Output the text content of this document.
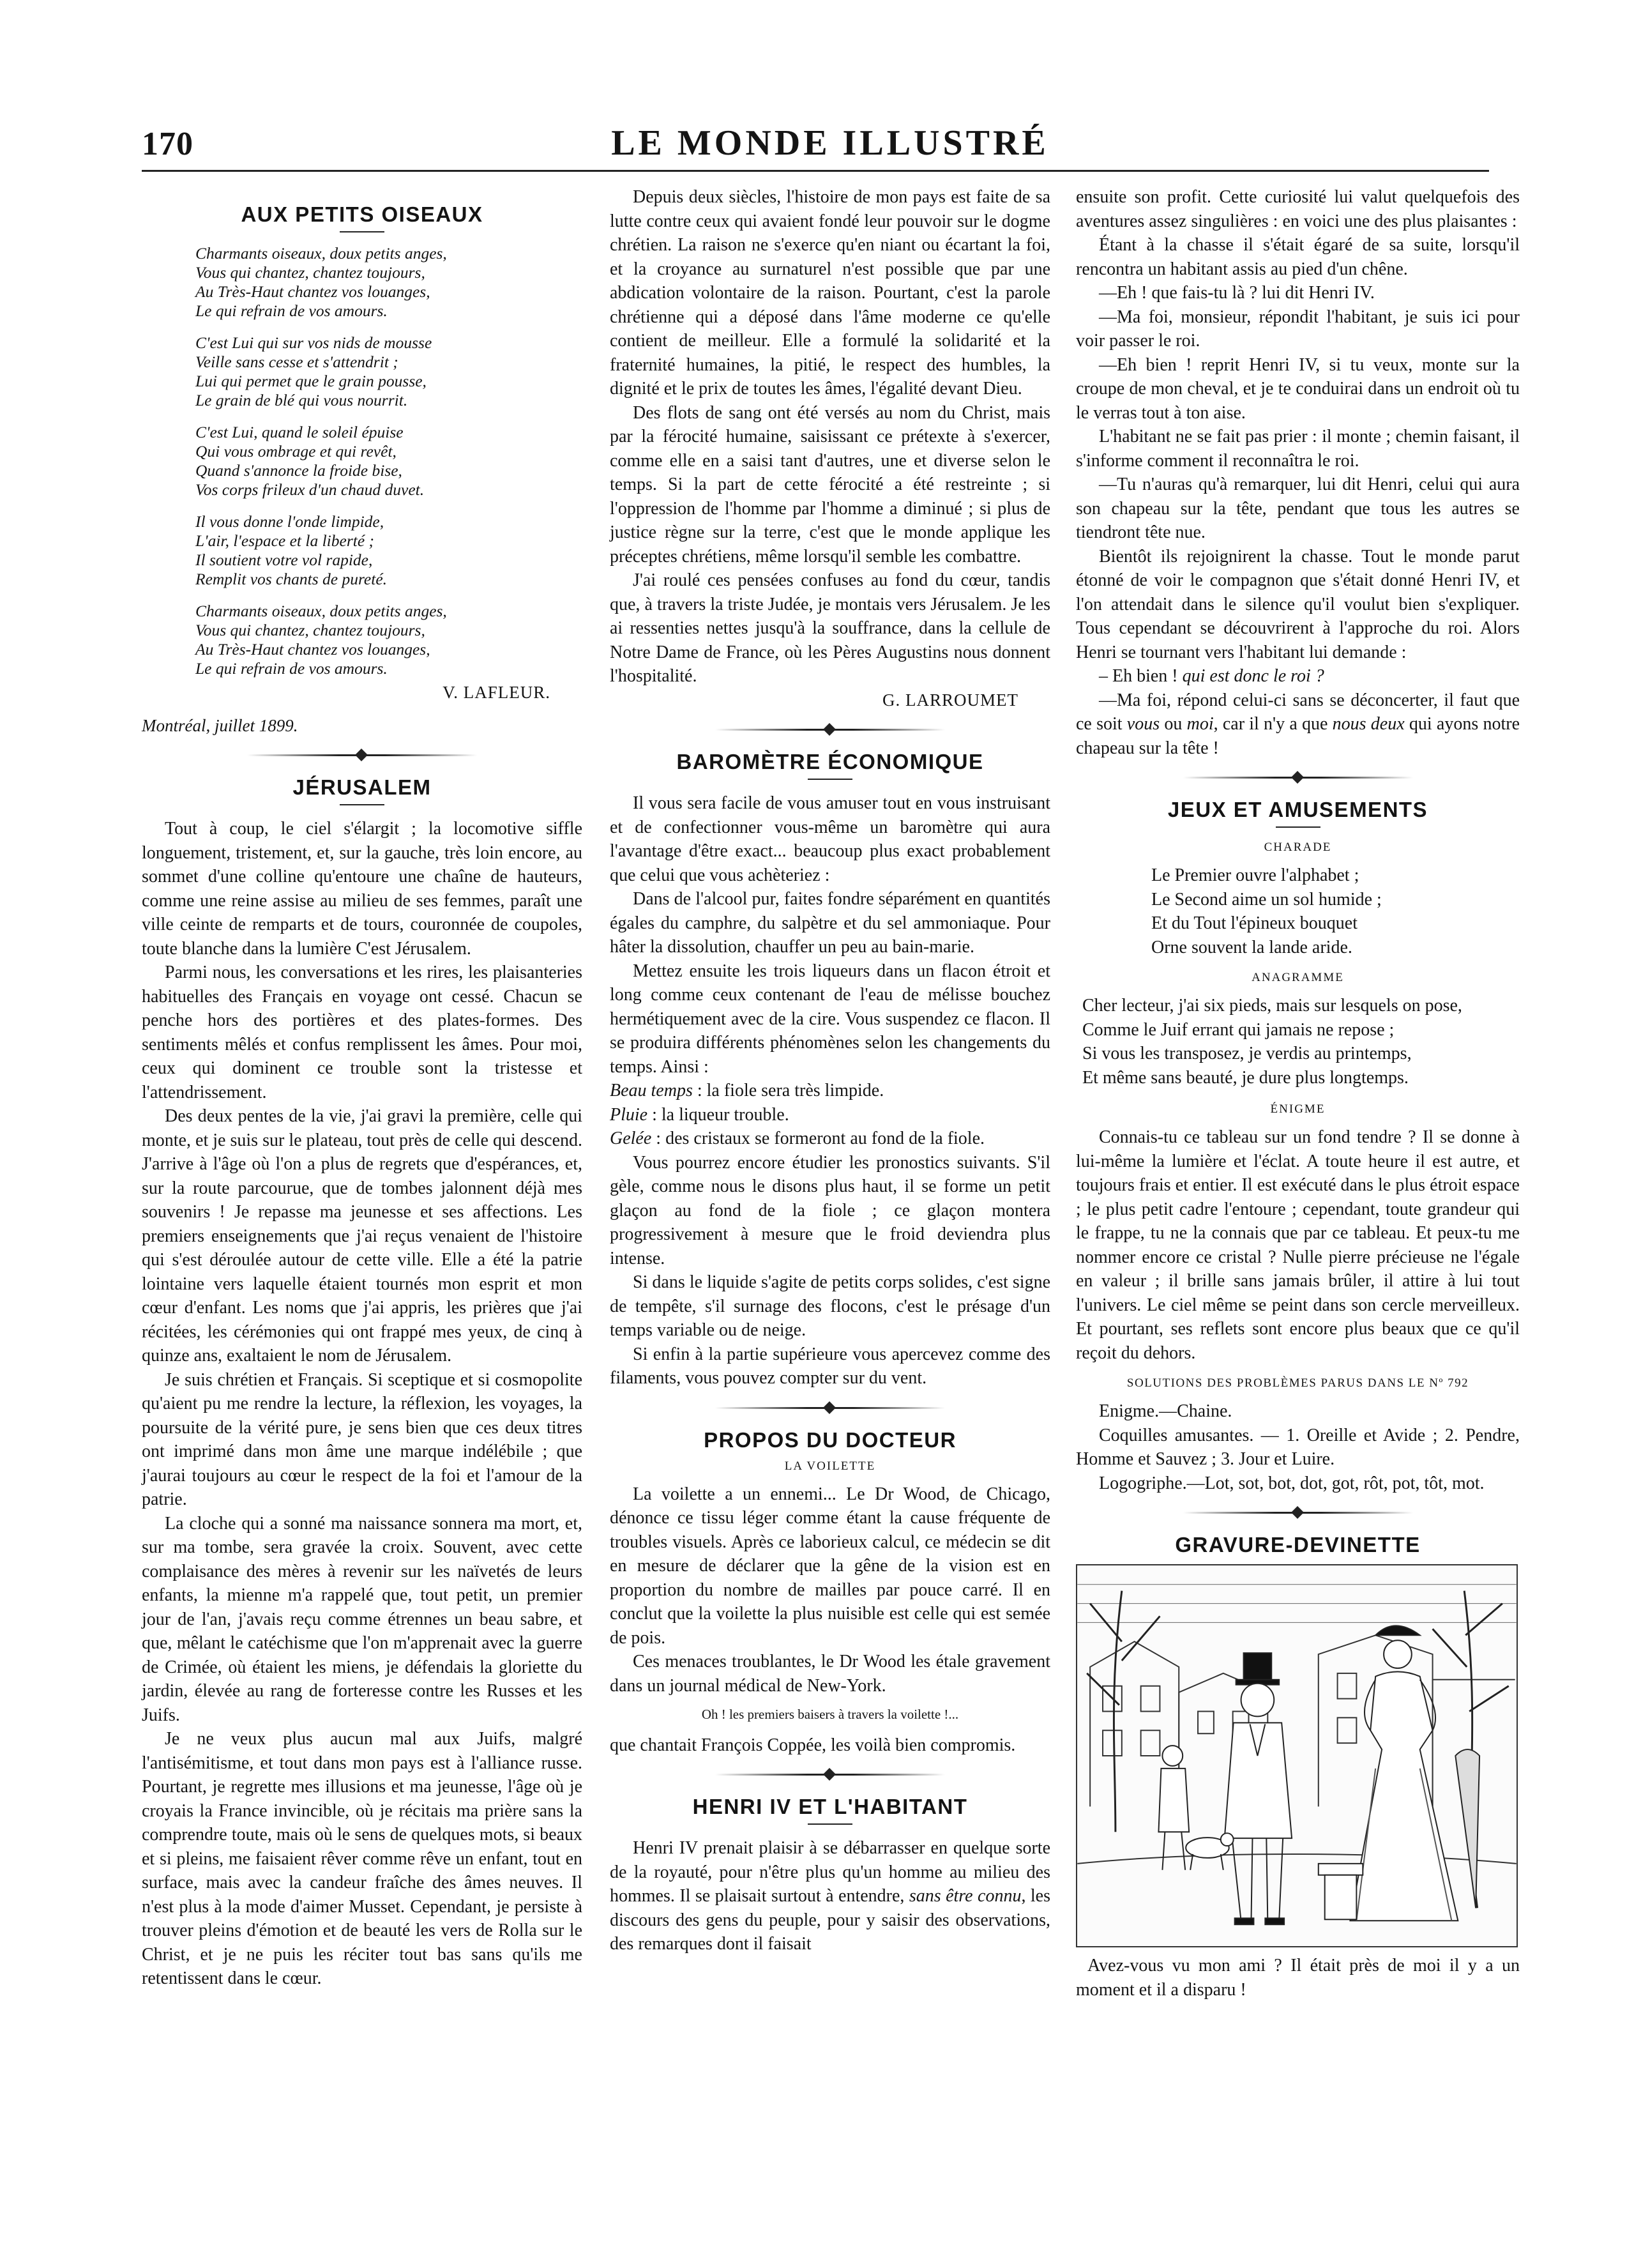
170	LE MONDE ILLUSTRÉ
AUX PETITS OISEAUX
Charmants oiseaux, doux petits anges,
Vous qui chantez, chantez toujours,
Au Très-Haut chantez vos louanges,
Le qui refrain de vos amours.
C'est Lui qui sur vos nids de mousse
Veille sans cesse et s'attendrit ;
Lui qui permet que le grain pousse,
Le grain de blé qui vous nourrit.
C'est Lui, quand le soleil épuise
Qui vous ombrage et qui revêt,
Quand s'annonce la froide bise,
Vos corps frileux d'un chaud duvet.
Il vous donne l'onde limpide,
L'air, l'espace et la liberté ;
Il soutient votre vol rapide,
Remplit vos chants de pureté.
Charmants oiseaux, doux petits anges,
Vous qui chantez, chantez toujours,
Au Très-Haut chantez vos louanges,
Le qui refrain de vos amours.
V. LAFLEUR.
Montréal, juillet 1899.
JÉRUSALEM

Tout à coup, le ciel s'élargit ; la locomotive siffle longuement, tristement, et, sur la gauche, très loin encore, au sommet d'une colline qu'entoure une chaîne de hauteurs, comme une reine assise au milieu de ses femmes, paraît une ville ceinte de remparts et de tours, couronnée de coupoles, toute blanche dans la lumière C'est Jérusalem.

Parmi nous, les conversations et les rires, les plaisanteries habituelles des Français en voyage ont cessé. Chacun se penche hors des portières et des plates-formes. Des sentiments mêlés et confus remplissent les âmes. Pour moi, ceux qui dominent ce trouble sont la tristesse et l'attendrissement.

Des deux pentes de la vie, j'ai gravi la première, celle qui monte, et je suis sur le plateau, tout près de celle qui descend. J'arrive à l'âge où l'on a plus de regrets que d'espérances, et, sur la route parcourue, que de tombes jalonnent déjà mes souvenirs ! Je repasse ma jeunesse et ses affections. Les premiers enseignements que j'ai reçus venaient de l'histoire qui s'est déroulée autour de cette ville. Elle a été la patrie lointaine vers laquelle étaient tournés mon esprit et mon cœur d'enfant. Les noms que j'ai appris, les prières que j'ai récitées, les cérémonies qui ont frappé mes yeux, de cinq à quinze ans, exaltaient le nom de Jérusalem.

Je suis chrétien et Français. Si sceptique et si cosmopolite qu'aient pu me rendre la lecture, la réflexion, les voyages, la poursuite de la vérité pure, je sens bien que ces deux titres ont imprimé dans mon âme une marque indélébile ; que j'aurai toujours au cœur le respect de la foi et l'amour de la patrie.

La cloche qui a sonné ma naissance sonnera ma mort, et, sur ma tombe, sera gravée la croix. Souvent, avec cette complaisance des mères à revenir sur les naïvetés de leurs enfants, la mienne m'a rappelé que, tout petit, un premier jour de l'an, j'avais reçu comme étrennes un beau sabre, et que, mêlant le catéchisme que l'on m'apprenait avec la guerre de Crimée, où étaient les miens, je défendais la gloriette du jardin, élevée au rang de forteresse contre les Russes et les Juifs.

Je ne veux plus aucun mal aux Juifs, malgré l'antisémitisme, et tout dans mon pays est à l'alliance russe. Pourtant, je regrette mes illusions et ma jeunesse, l'âge où je croyais la France invincible, où je récitais ma prière sans la comprendre toute, mais où le sens de quelques mots, si beaux et si pleins, me faisaient rêver comme rêve un enfant, tout en surface, mais avec la candeur fraîche des âmes neuves. Il n'est plus à la mode d'aimer Musset. Cependant, je persiste à trouver pleins d'émotion et de beauté les vers de Rolla sur le Christ, et je ne puis les réciter tout bas sans qu'ils me retentissent dans le cœur.

Depuis deux siècles, l'histoire de mon pays est faite de sa lutte contre ceux qui avaient fondé leur pouvoir sur le dogme chrétien. La raison ne s'exerce qu'en niant ou écartant la foi, et la croyance au surnaturel n'est possible que par une abdication volontaire de la raison. Pourtant, c'est la parole chrétienne qui a déposé dans l'âme moderne ce qu'elle contient de meilleur. Elle a formulé la solidarité et la fraternité humaines, la pitié, le respect des humbles, la dignité et le prix de toutes les âmes, l'égalité devant Dieu.

Des flots de sang ont été versés au nom du Christ, mais par la férocité humaine, saisissant ce prétexte à s'exercer, comme elle en a saisi tant d'autres, une et diverse selon le temps. Si la part de cette férocité a été restreinte ; si l'oppression de l'homme par l'homme a diminué ; si plus de justice règne sur la terre, c'est que le monde applique les préceptes chrétiens, même lorsqu'il semble les combattre.

J'ai roulé ces pensées confuses au fond du cœur, tandis que, à travers la triste Judée, je montais vers Jérusalem. Je les ai ressenties nettes jusqu'à la souffrance, dans la cellule de Notre Dame de France, où les Pères Augustins nous donnent l'hospitalité.

G. LARROUMET
BAROMÈTRE ÉCONOMIQUE

Il vous sera facile de vous amuser tout en vous instruisant et de confectionner vous-même un baromètre qui aura l'avantage d'être exact... beaucoup plus exact probablement que celui que vous achèteriez :

Dans de l'alcool pur, faites fondre séparément en quantités égales du camphre, du salpètre et du sel ammoniaque. Pour hâter la dissolution, chauffer un peu au bain-marie.

Mettez ensuite les trois liqueurs dans un flacon étroit et long comme ceux contenant de l'eau de mélisse bouchez hermétiquement avec de la cire. Vous suspendez ce flacon. Il se produira différents phénomènes selon les changements du temps. Ainsi :

Beau temps : la fiole sera très limpide.

Pluie : la liqueur trouble.

Gelée : des cristaux se formeront au fond de la fiole.

Vous pourrez encore étudier les pronostics suivants. S'il gèle, comme nous le disons plus haut, il se forme un petit glaçon au fond de la fiole ; ce glaçon montera progressivement à mesure que le froid deviendra plus intense.

Si dans le liquide s'agite de petits corps solides, c'est signe de tempête, s'il surnage des flocons, c'est le présage d'un temps variable ou de neige.

Si enfin à la partie supérieure vous apercevez comme des filaments, vous pouvez compter sur du vent.

PROPOS DU DOCTEUR
LA VOILETTE

La voilette a un ennemi... Le Dr Wood, de Chicago, dénonce ce tissu léger comme étant la cause fréquente de troubles visuels. Après ce laborieux calcul, ce médecin se dit en mesure de déclarer que la gêne de la vision est en proportion du nombre de mailles par pouce carré. Il en conclut que la voilette la plus nuisible est celle qui est semée de pois.

Ces menaces troublantes, le Dr Wood les étale gravement dans un journal médical de New-York.

Oh ! les premiers baisers à travers la voilette !...

que chantait François Coppée, les voilà bien compromis.

HENRI IV ET L'HABITANT

Henri IV prenait plaisir à se débarrasser en quelque sorte de la royauté, pour n'être plus qu'un homme au milieu des hommes. Il se plaisait surtout à entendre, sans être connu, les discours des gens du peuple, pour y saisir des observations, des remarques dont il faisait

ensuite son profit. Cette curiosité lui valut quelquefois des aventures assez singulières : en voici une des plus plaisantes :

Étant à la chasse il s'était égaré de sa suite, lorsqu'il rencontra un habitant assis au pied d'un chêne.

—Eh ! que fais-tu là ? lui dit Henri IV.

—Ma foi, monsieur, répondit l'habitant, je suis ici pour voir passer le roi.

—Eh bien ! reprit Henri IV, si tu veux, monte sur la croupe de mon cheval, et je te conduirai dans un endroit où tu le verras tout à ton aise.

L'habitant ne se fait pas prier : il monte ; chemin faisant, il s'informe comment il reconnaîtra le roi.

—Tu n'auras qu'à remarquer, lui dit Henri, celui qui aura son chapeau sur la tête, pendant que tous les autres se tiendront tête nue.

Bientôt ils rejoignirent la chasse. Tout le monde parut étonné de voir le compagnon que s'était donné Henri IV, et l'on attendait dans le silence qu'il voulut bien s'expliquer. Tous cependant se découvrirent à l'approche du roi. Alors Henri se tournant vers l'habitant lui demande :

– Eh bien ! qui est donc le roi ?

—Ma foi, répond celui-ci sans se déconcerter, il faut que ce soit vous ou moi, car il n'y a que nous deux qui ayons notre chapeau sur la tête !

JEUX ET AMUSEMENTS
CHARADE
Le Premier ouvre l'alphabet ;
Le Second aime un sol humide ;
Et du Tout l'épineux bouquet
Orne souvent la lande aride.
ANAGRAMME
Cher lecteur, j'ai six pieds, mais sur lesquels on pose,
Comme le Juif errant qui jamais ne repose ;
Si vous les transposez, je verdis au printemps,
Et même sans beauté, je dure plus longtemps.
ÉNIGME

Connais-tu ce tableau sur un fond tendre ? Il se donne à lui-même la lumière et l'éclat. A toute heure il est autre, et toujours frais et entier. Il est exécuté dans le plus étroit espace ; le plus petit cadre l'entoure ; cependant, toute grandeur qui le frappe, tu ne la connais que par ce tableau. Et peux-tu me nommer encore ce cristal ? Nulle pierre précieuse ne l'égale en valeur ; il brille sans jamais brûler, il attire à lui tout l'univers. Le ciel même se peint dans son cercle merveilleux. Et pourtant, ses reflets sont encore plus beaux que ce qu'il reçoit du dehors.

SOLUTIONS DES PROBLÈMES PARUS DANS LE Nº 792

Enigme.—Chaine.

Coquilles amusantes. — 1. Oreille et Avide ; 2. Pendre, Homme et Sauvez ; 3. Jour et Luire.

Logogriphe.—Lot, sot, bot, dot, got, rôt, pot, tôt, mot.

GRAVURE-DEVINETTE
Avez-vous vu mon ami ? Il était près de moi il y a un moment et il a disparu !
